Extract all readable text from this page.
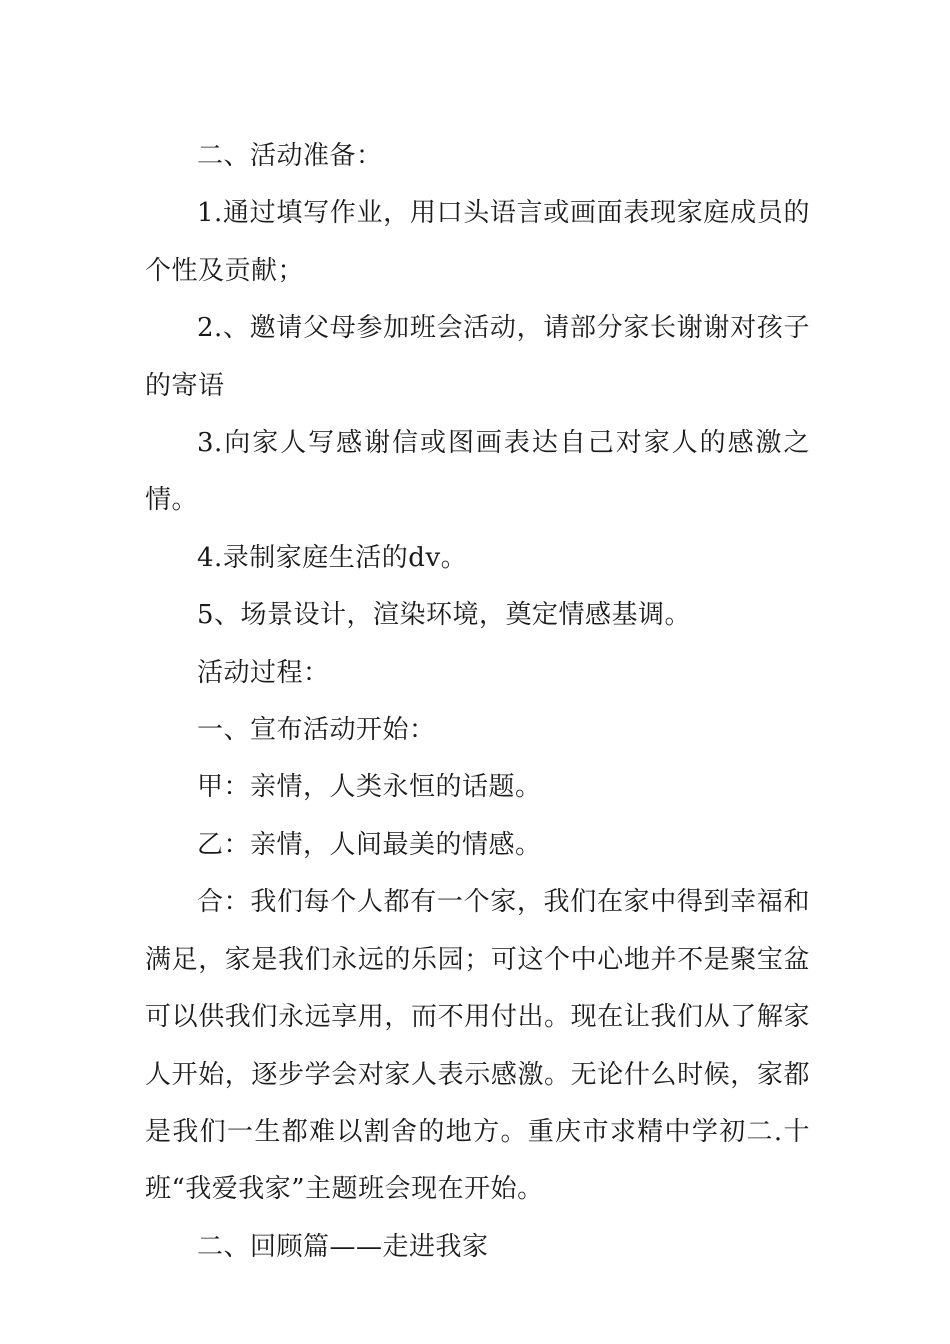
二、活动准备：

1.通过填写作业，用口头语言或画面表现家庭成员的个性及贡献；

2.、邀请父母参加班会活动，请部分家长谢谢对孩子的寄语

3.向家人写感谢信或图画表达自己对家人的感激之情。

4.录制家庭生活的dv。

5、场景设计，渲染环境，奠定情感基调。

活动过程：

一、宣布活动开始：

甲：亲情，人类永恒的话题。

乙：亲情，人间最美的情感。

合：我们每个人都有一个家，我们在家中得到幸福和满足，家是我们永远的乐园；可这个中心地并不是聚宝盆可以供我们永远享用，而不用付出。现在让我们从了解家人开始，逐步学会对家人表示感激。无论什么时候，家都是我们一生都难以割舍的地方。重庆市求精中学初二.十班“我爱我家”主题班会现在开始。

二、回顾篇——走进我家
